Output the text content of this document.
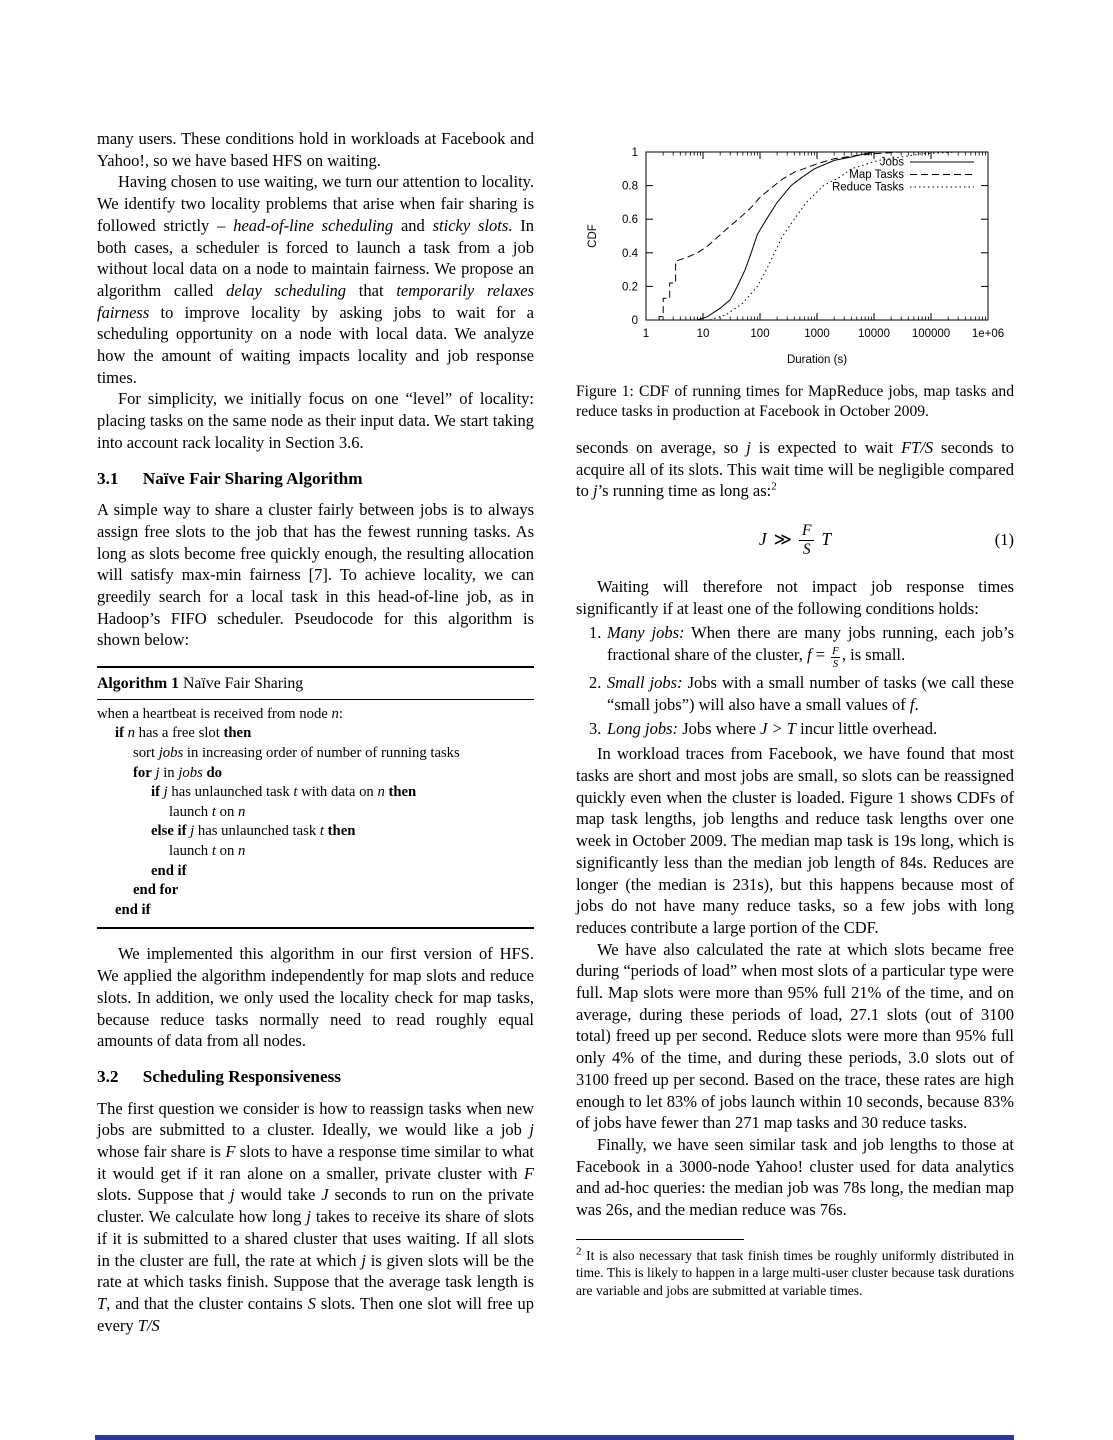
many users. These conditions hold in workloads at Facebook and Yahoo!, so we have based HFS on waiting.

Having chosen to use waiting, we turn our attention to locality. We identify two locality problems that arise when fair sharing is followed strictly – head-of-line scheduling and sticky slots. In both cases, a scheduler is forced to launch a task from a job without local data on a node to maintain fairness. We propose an algorithm called delay scheduling that temporarily relaxes fairness to improve locality by asking jobs to wait for a scheduling opportunity on a node with local data. We analyze how the amount of waiting impacts locality and job response times.

For simplicity, we initially focus on one “level” of locality: placing tasks on the same node as their input data. We start taking into account rack locality in Section 3.6.

3.1 Naïve Fair Sharing Algorithm

A simple way to share a cluster fairly between jobs is to always assign free slots to the job that has the fewest running tasks. As long as slots become free quickly enough, the resulting allocation will satisfy max-min fairness [7]. To achieve locality, we can greedily search for a local task in this head-of-line job, as in Hadoop’s FIFO scheduler. Pseudocode for this algorithm is shown below:

Algorithm 1 Naïve Fair Sharing
when a heartbeat is received from node n:
if n has a free slot then
sort jobs in increasing order of number of running tasks
for j in jobs do
if j has unlaunched task t with data on n then
launch t on n
else if j has unlaunched task t then
launch t on n
end if
end for
end if

We implemented this algorithm in our first version of HFS. We applied the algorithm independently for map slots and reduce slots. In addition, we only used the locality check for map tasks, because reduce tasks normally need to read roughly equal amounts of data from all nodes.

3.2 Scheduling Responsiveness

The first question we consider is how to reassign tasks when new jobs are submitted to a cluster. Ideally, we would like a job j whose fair share is F slots to have a response time similar to what it would get if it ran alone on a smaller, private cluster with F slots. Suppose that j would take J seconds to run on the private cluster. We calculate how long j takes to receive its share of slots if it is submitted to a shared cluster that uses waiting. If all slots in the cluster are full, the rate at which j is given slots will be the rate at which tasks finish. Suppose that the average task length is T, and that the cluster contains S slots. Then one slot will free up every T/S

1	10	100	1000 10000 100000 1e+06
0
0.2
0.4
0.6
0.8
1
CDF
Duration (s)
Jobs
Map Tasks
Reduce Tasks
Figure 1: CDF of running times for MapReduce jobs, map tasks and reduce tasks in production at Facebook in October 2009.

seconds on average, so j is expected to wait FT/S seconds to acquire all of its slots. This wait time will be negligible compared to j’s running time as long as:$^2$

J ≫ $\frac{F}{S}$ T	(1)

Waiting will therefore not impact job response times significantly if at least one of the following conditions holds:

1. Many jobs: When there are many jobs running, each job’s fractional share of the cluster, $f = \frac{F}{S}$ , is small.
2. Small jobs: Jobs with a small number of tasks (we call these “small jobs”) will also have a small values of f.
3. Long jobs: Jobs where J > T incur little overhead.

In workload traces from Facebook, we have found that most tasks are short and most jobs are small, so slots can be reassigned quickly even when the cluster is loaded. Figure 1 shows CDFs of map task lengths, job lengths and reduce task lengths over one week in October 2009. The median map task is 19s long, which is significantly less than the median job length of 84s. Reduces are longer (the median is 231s), but this happens because most of jobs do not have many reduce tasks, so a few jobs with long reduces contribute a large portion of the CDF.

We have also calculated the rate at which slots became free during “periods of load” when most slots of a particular type were full. Map slots were more than 95% full 21% of the time, and on average, during these periods of load, 27.1 slots (out of 3100 total) freed up per second. Reduce slots were more than 95% full only 4% of the time, and during these periods, 3.0 slots out of 3100 freed up per second. Based on the trace, these rates are high enough to let 83% of jobs launch within 10 seconds, because 83% of jobs have fewer than 271 map tasks and 30 reduce tasks.

Finally, we have seen similar task and job lengths to those at Facebook in a 3000-node Yahoo! cluster used for data analytics and ad-hoc queries: the median job was 78s long, the median map was 26s, and the median reduce was 76s.

$^2$ It is also necessary that task finish times be roughly uniformly distributed in time. This is likely to happen in a large multi-user cluster because task durations are variable and jobs are submitted at variable times.
